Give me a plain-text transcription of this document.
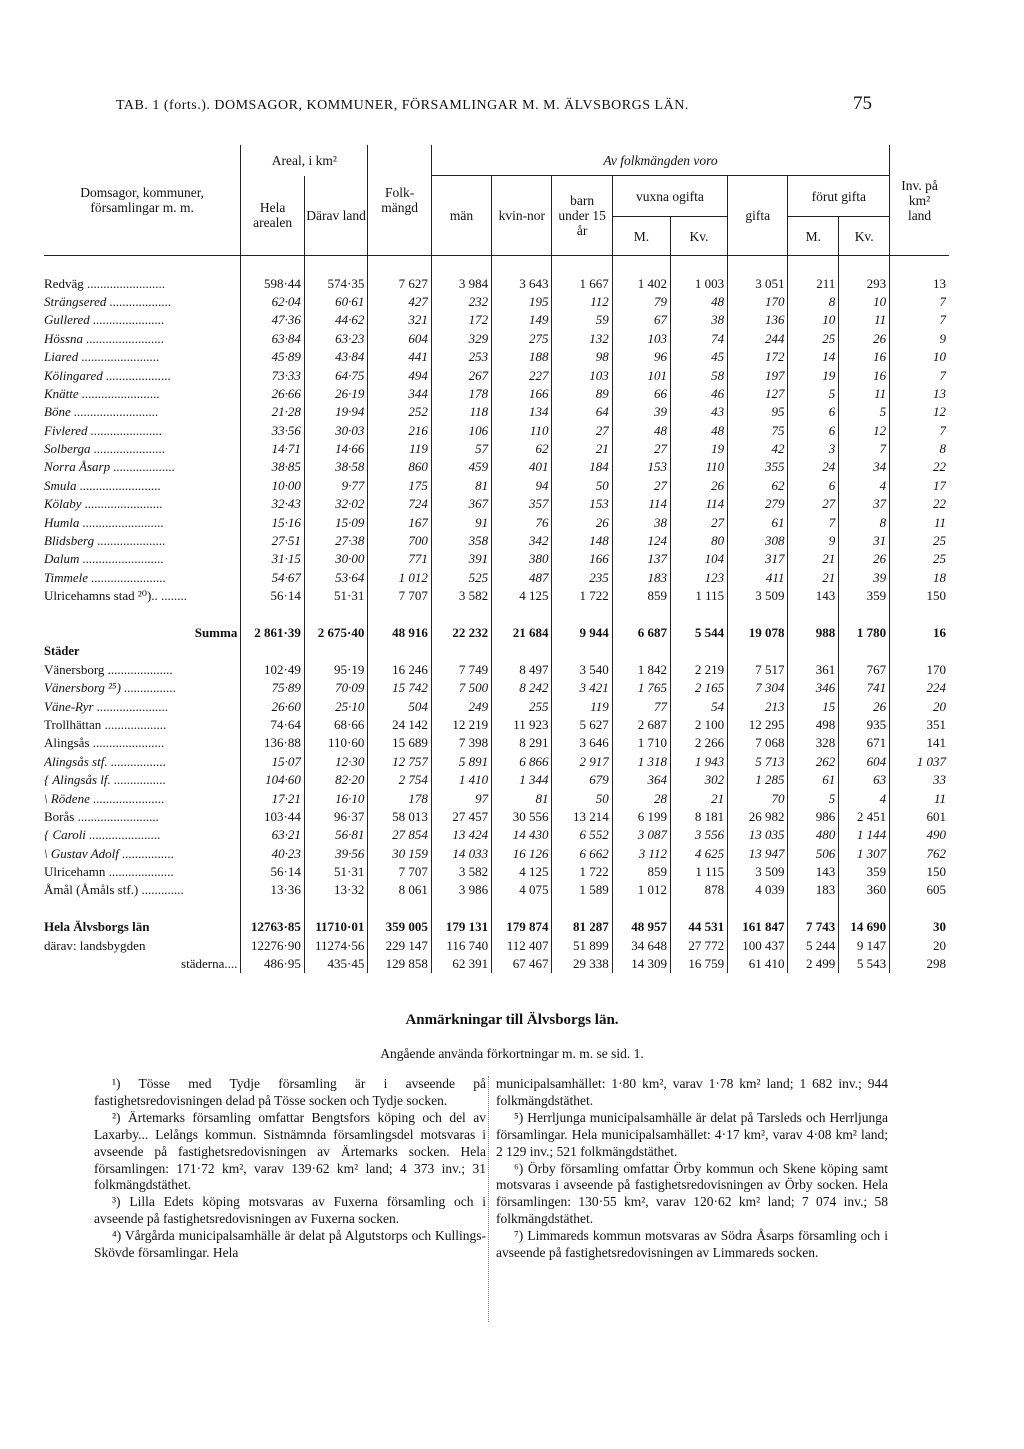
TAB. 1 (forts.). DOMSAGOR, KOMMUNER, FÖRSAMLINGAR M. M. ÄLVSBORGS LÄN.	75
Domsagor, kommuner, församlingar m. m.	Areal, i km²		Folk-mängd	Av folkmängden voro								Inv. på km² land
	Hela arealen	Därav land		män	kvin-nor	barn under 15 år	vuxna ogifta		gifta	förut gifta		
							M.	Kv.		M.	Kv.	

Redväg ........................	598·44	574·35	7 627	3 984	3 643	1 667	1 402	1 003	3 051	211	293	13
Strängsered ...................	62·04	60·61	427	232	195	112	79	48	170	8	10	7
Gullered ......................	47·36	44·62	321	172	149	59	67	38	136	10	11	7
Hössna ........................	63·84	63·23	604	329	275	132	103	74	244	25	26	9
Liared ........................	45·89	43·84	441	253	188	98	96	45	172	14	16	10
Kölingared ....................	73·33	64·75	494	267	227	103	101	58	197	19	16	7
Knätte ........................	26·66	26·19	344	178	166	89	66	46	127	5	11	13
Böne ..........................	21·28	19·94	252	118	134	64	39	43	95	6	5	12
Fivlered ......................	33·56	30·03	216	106	110	27	48	48	75	6	12	7
Solberga ......................	14·71	14·66	119	57	62	21	27	19	42	3	7	8
Norra Åsarp ...................	38·85	38·58	860	459	401	184	153	110	355	24	34	22
Smula .........................	10·00	9·77	175	81	94	50	27	26	62	6	4	17
Kölaby ........................	32·43	32·02	724	367	357	153	114	114	279	27	37	22
Humla .........................	15·16	15·09	167	91	76	26	38	27	61	7	8	11
Blidsberg .....................	27·51	27·38	700	358	342	148	124	80	308	9	31	25
Dalum .........................	31·15	30·00	771	391	380	166	137	104	317	21	26	25
Timmele .......................	54·67	53·64	1 012	525	487	235	183	123	411	21	39	18
Ulricehamns stad ²⁰).. ........	56·14	51·31	7 707	3 582	4 125	1 722	859	1 115	3 509	143	359	150

Summa	2 861·39	2 675·40	48 916	22 232	21 684	9 944	6 687	5 544	19 078	988	1 780	16
Städer												
Vänersborg ....................	102·49	95·19	16 246	7 749	8 497	3 540	1 842	2 219	7 517	361	767	170
Vänersborg ²⁵) ................	75·89	70·09	15 742	7 500	8 242	3 421	1 765	2 165	7 304	346	741	224
Väne-Ryr ......................	26·60	25·10	504	249	255	119	77	54	213	15	26	20
Trollhättan ...................	74·64	68·66	24 142	12 219	11 923	5 627	2 687	2 100	12 295	498	935	351
Alingsås ......................	136·88	110·60	15 689	7 398	8 291	3 646	1 710	2 266	7 068	328	671	141
Alingsås stf. .................	15·07	12·30	12 757	5 891	6 866	2 917	1 318	1 943	5 713	262	604	1 037
{ Alingsås lf. ................	104·60	82·20	2 754	1 410	1 344	679	364	302	1 285	61	63	33
\ Rödene ......................	17·21	16·10	178	97	81	50	28	21	70	5	4	11
Borås .........................	103·44	96·37	58 013	27 457	30 556	13 214	6 199	8 181	26 982	986	2 451	601
{ Caroli ......................	63·21	56·81	27 854	13 424	14 430	6 552	3 087	3 556	13 035	480	1 144	490
\ Gustav Adolf ................	40·23	39·56	30 159	14 033	16 126	6 662	3 112	4 625	13 947	506	1 307	762
Ulricehamn ....................	56·14	51·31	7 707	3 582	4 125	1 722	859	1 115	3 509	143	359	150
Åmål (Åmåls stf.) .............	13·36	13·32	8 061	3 986	4 075	1 589	1 012	878	4 039	183	360	605

Hela Älvsborgs län	12763·85	11710·01	359 005	179 131	179 874	81 287	48 957	44 531	161 847	7 743	14 690	30
därav: landsbygden	12276·90	11274·56	229 147	116 740	112 407	51 899	34 648	27 772	100 437	5 244	9 147	20
städerna....	486·95	435·45	129 858	62 391	67 467	29 338	14 309	16 759	61 410	2 499	5 543	298
Anmärkningar till Älvsborgs län.
Angående använda förkortningar m. m. se sid. 1.

¹) Tösse med Tydje församling är i avseende på fastighetsredovisningen delad på Tösse socken och Tydje socken.

²) Ärtemarks församling omfattar Bengtsfors köping och del av Laxarby... Lelångs kommun. Sistnämnda församlingsdel motsvaras i avseende på fastighetsredovisningen av Ärtemarks socken. Hela församlingen: 171·72 km², varav 139·62 km² land; 4 373 inv.; 31 folkmängdstäthet.

³) Lilla Edets köping motsvaras av Fuxerna församling och i avseende på fastighetsredovisningen av Fuxerna socken.

⁴) Vårgårda municipalsamhälle är delat på Algutstorps och Kullings-Skövde församlingar. Hela

municipalsamhället: 1·80 km², varav 1·78 km² land; 1 682 inv.; 944 folkmängdstäthet.

⁵) Herrljunga municipalsamhälle är delat på Tarsleds och Herrljunga församlingar. Hela municipalsamhället: 4·17 km², varav 4·08 km² land; 2 129 inv.; 521 folkmängdstäthet.

⁶) Örby församling omfattar Örby kommun och Skene köping samt motsvaras i avseende på fastighetsredovisningen av Örby socken. Hela församlingen: 130·55 km², varav 120·62 km² land; 7 074 inv.; 58 folkmängdstäthet.

⁷) Limmareds kommun motsvaras av Södra Åsarps församling och i avseende på fastighetsredovisningen av Limmareds socken.
